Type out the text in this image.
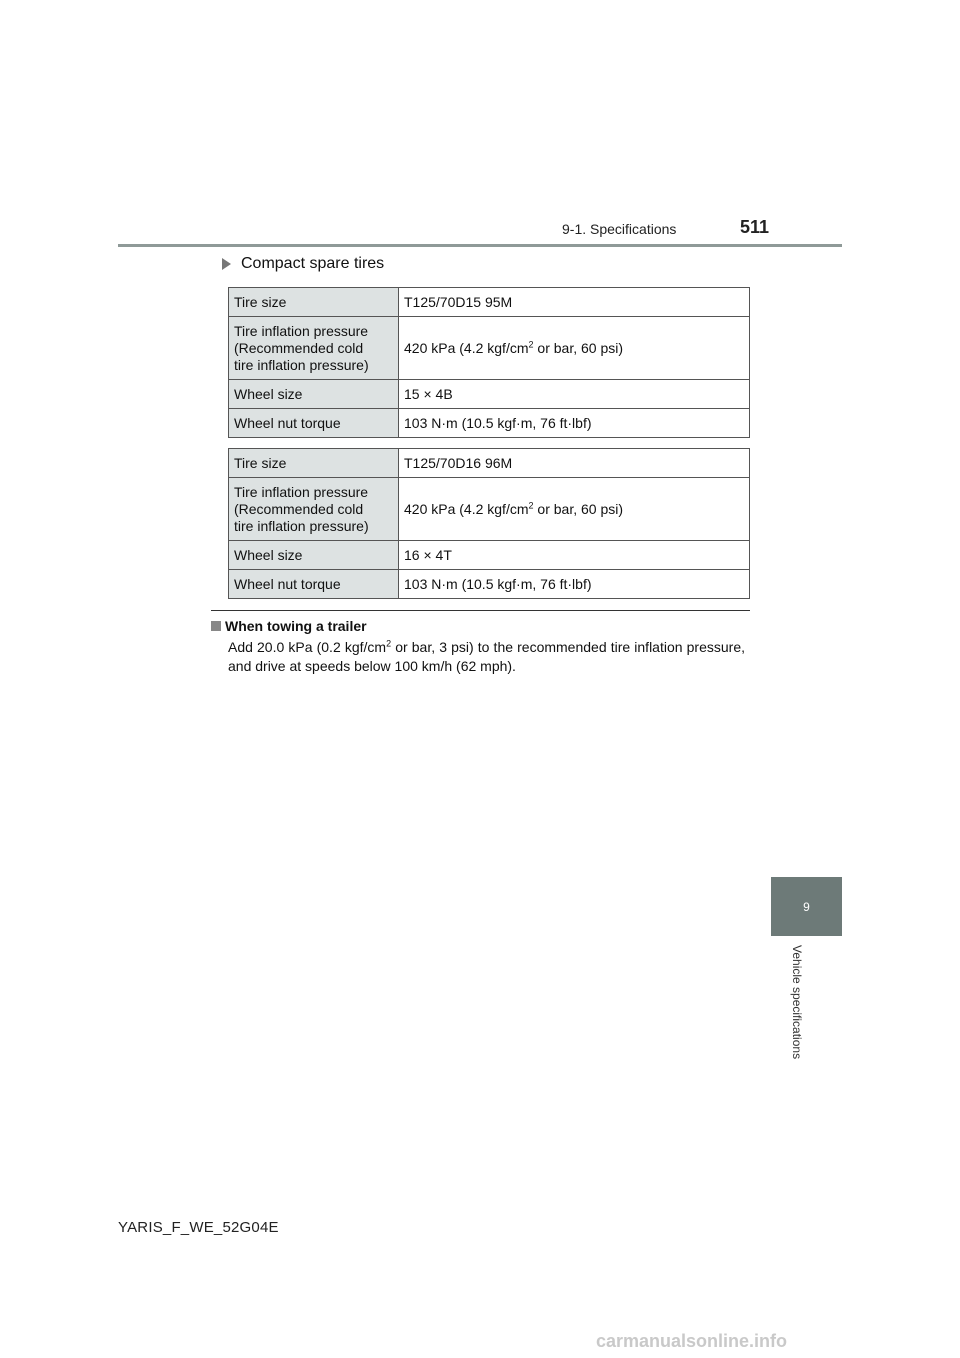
9-1. Specifications	511
Compact spare tires
Tire size	T125/70D15 95M

Tire inflation pressure
(Recommended cold
tire inflation pressure)	420 kPa (4.2 kgf/$cm^2$ or bar, 60 psi)
Wheel size	15 × 4B
Wheel nut torque	103 N·m (10.5 kgf·m, 76 ft·lbf)
Tire size	T125/70D16 96M

Tire inflation pressure
(Recommended cold
tire inflation pressure)	420 kPa (4.2 kgf/$cm^2$ or bar, 60 psi)
Wheel size	16 × 4T
Wheel nut torque	103 N·m (10.5 kgf·m, 76 ft·lbf)
When towing a trailer
Add 20.0 kPa (0.2 kgf/$cm^2$ or bar, 3 psi) to the recommended tire inflation pressure, and drive at speeds below 100 km/h (62 mph).
9
Vehicle specifications
YARIS_F_WE_52G04E
carmanualsonline.info
